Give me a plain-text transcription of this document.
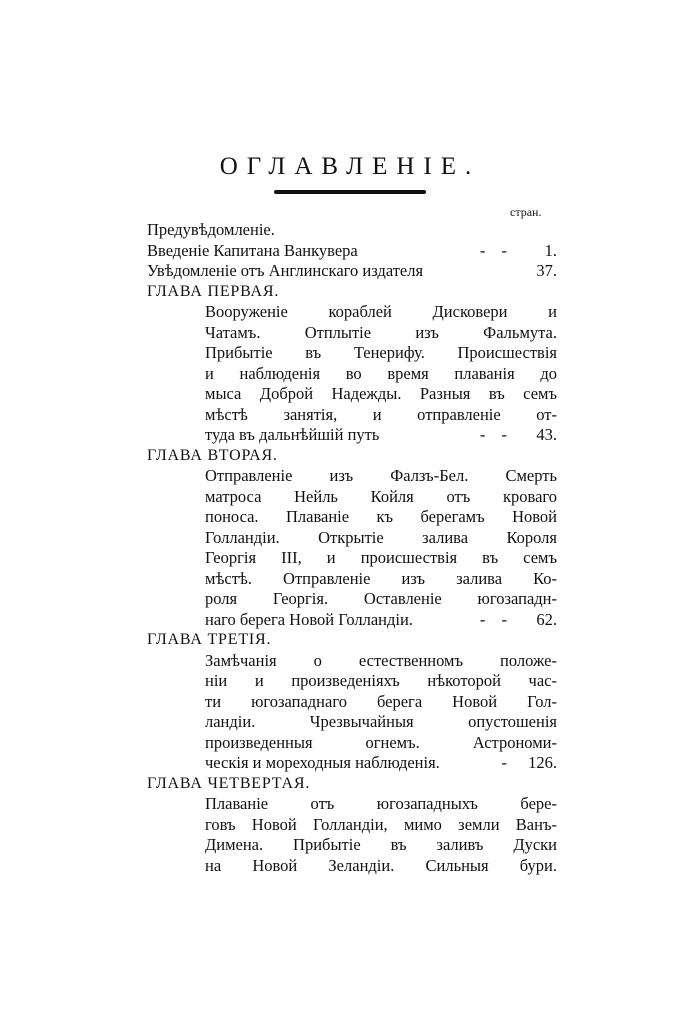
ОГЛАВЛЕНІЕ.
стран.
Предувѣдомленіе.
Введеніе Капитана Ванкувера	- -	1.
Увѣдомленіе отъ Англинскаго издателя	37.
ГЛАВА ПЕРВАЯ.
Вооруженіе кораблей Дисковери и
Чатамъ. Отплытіе изъ Фальмута.
Прибытіе въ Тенерифу. Происшествія
и наблюденія во время плаванія до
мыса Доброй Надежды. Разныя въ семъ
мѣстѣ занятія, и отправленіе от-
туда въ дальнѣйшій путь	- -	43.
ГЛАВА ВТОРАЯ.
Отправленіе изъ Фалзъ-Бел. Смерть
матроса Нейль Койля отъ кроваго
поноса. Плаваніе къ берегамъ Новой
Голландіи. Открытіе залива Короля
Георгія III, и происшествія въ семъ
мѣстѣ. Отправленіе изъ залива Ко-
роля Георгія. Оставленіе югозападн-
наго берега Новой Голландіи.	- -	62.
ГЛАВА ТРЕТІЯ.
Замѣчанія о естественномъ положе-
ніи и произведеніяхъ нѣкоторой час-
ти югозападнаго берега Новой Гол-
ландіи. Чрезвычайныя опустошенія
произведенныя огнемъ. Астрономи-
ческія и мореходныя наблюденія.	- 126.
ГЛАВА ЧЕТВЕРТАЯ.
Плаваніе отъ югозападныхъ бере-
говъ Новой Голландіи, мимо земли Ванъ-
Димена. Прибытіе въ заливъ Дуски
на Новой Зеландіи. Сильныя бури.
